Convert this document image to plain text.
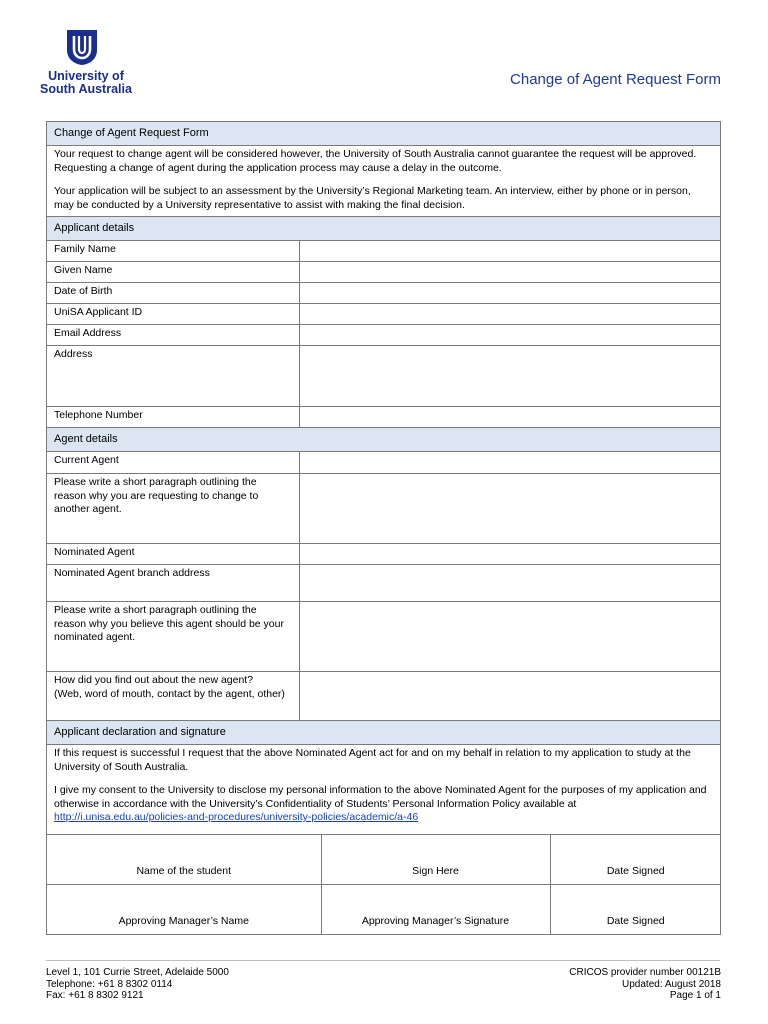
University of
South Australia
Change of Agent Request Form
Change of Agent Request Form

Your request to change agent will be considered however, the University of South Australia cannot guarantee the request will be approved. Requesting a change of agent during the application process may cause a delay in the outcome.

Your application will be subject to an assessment by the University’s Regional Marketing team. An interview, either by phone or in person, may be conducted by a University representative to assist with making the final decision.

Applicant details
Family Name	
Given Name	
Date of Birth	
UniSA Applicant ID	
Email Address	
Address	
Telephone Number	
Agent details
Current Agent	

Please write a short paragraph outlining the
reason why you are requesting to change to
another agent.

Nominated Agent	
Nominated Agent branch address	

Please write a short paragraph outlining the
reason why you believe this agent should be your
nominated agent.

How did you find out about the new agent?
(Web, word of mouth, contact by the agent, other)

Applicant declaration and signature

If this request is successful I request that the above Nominated Agent act for and on my behalf in relation to my application to study at the University of South Australia.

I give my consent to the University to disclose my personal information to the above Nominated Agent for the purposes of my application and otherwise in accordance with the University’s Confidentiality of Students’ Personal Information Policy available at
http://i.unisa.edu.au/policies-and-procedures/university-policies/academic/a-46

Name of the student	Sign Here	Date Signed
Approving Manager’s Name	Approving Manager’s Signature	Date Signed
Level 1, 101 Currie Street, Adelaide 5000
Telephone: +61 8 8302 0114
Fax: +61 8 8302 9121
CRICOS provider number 00121B
Updated: August 2018
Page 1 of 1
